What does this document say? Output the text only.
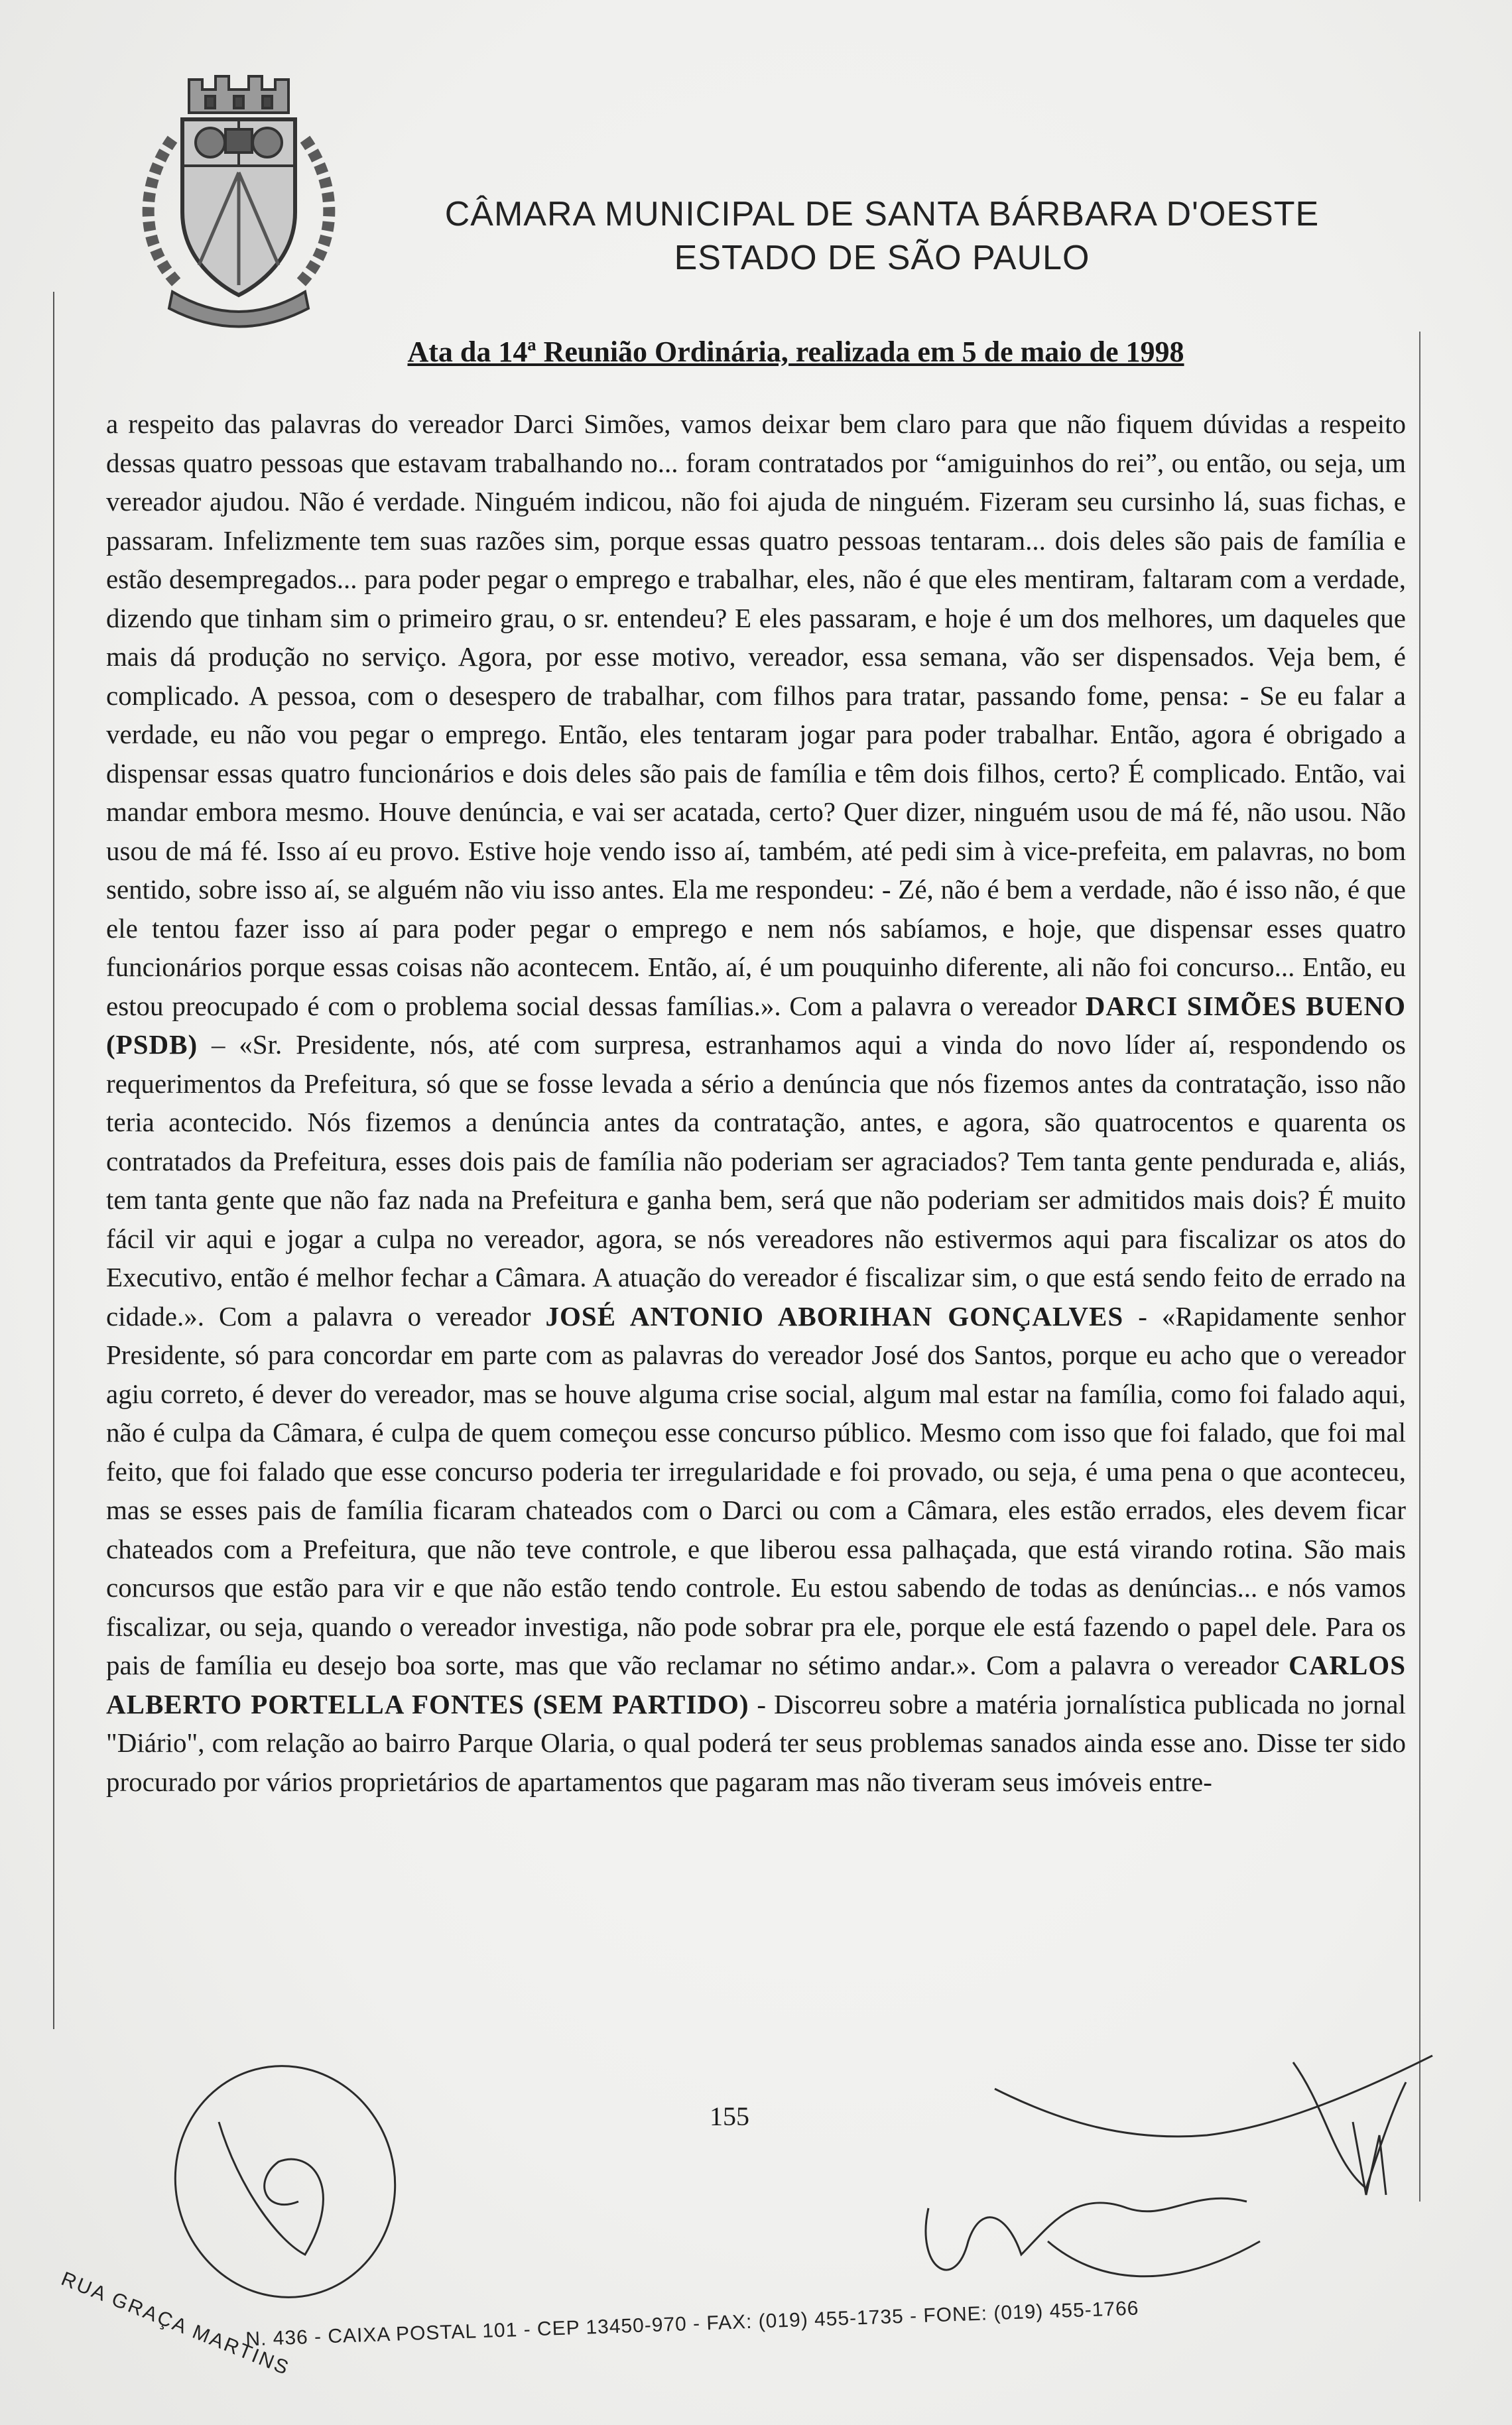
CÂMARA MUNICIPAL DE SANTA BÁRBARA D'OESTE
ESTADO DE SÃO PAULO
Ata da 14ª Reunião Ordinária, realizada em 5 de maio de 1998

a respeito das palavras do vereador Darci Simões, vamos deixar bem claro para que não fiquem dúvidas a respeito dessas quatro pessoas que estavam trabalhando no... foram contratados por “amiguinhos do rei”, ou então, ou seja, um vereador ajudou. Não é verdade. Ninguém indicou, não foi ajuda de ninguém. Fizeram seu cursinho lá, suas fichas, e passaram. Infelizmente tem suas razões sim, porque essas quatro pessoas tentaram... dois deles são pais de família e estão desempregados... para poder pegar o emprego e trabalhar, eles, não é que eles mentiram, faltaram com a verdade, dizendo que tinham sim o primeiro grau, o sr. entendeu? E eles passaram, e hoje é um dos melhores, um daqueles que mais dá produção no serviço. Agora, por esse motivo, vereador, essa semana, vão ser dispensados. Veja bem, é complicado. A pessoa, com o desespero de trabalhar, com filhos para tratar, passando fome, pensa: - Se eu falar a verdade, eu não vou pegar o emprego. Então, eles tentaram jogar para poder trabalhar. Então, agora é obrigado a dispensar essas quatro funcionários e dois deles são pais de família e têm dois filhos, certo? É complicado. Então, vai mandar embora mesmo. Houve denúncia, e vai ser acatada, certo? Quer dizer, ninguém usou de má fé, não usou. Não usou de má fé. Isso aí eu provo. Estive hoje vendo isso aí, também, até pedi sim à vice-prefeita, em palavras, no bom sentido, sobre isso aí, se alguém não viu isso antes. Ela me respondeu: - Zé, não é bem a verdade, não é isso não, é que ele tentou fazer isso aí para poder pegar o emprego e nem nós sabíamos, e hoje, que dispensar esses quatro funcionários porque essas coisas não acontecem. Então, aí, é um pouquinho diferente, ali não foi concurso... Então, eu estou preocupado é com o problema social dessas famílias.». Com a palavra o vereador DARCI SIMÕES BUENO (PSDB) – «Sr. Presidente, nós, até com surpresa, estranhamos aqui a vinda do novo líder aí, respondendo os requerimentos da Prefeitura, só que se fosse levada a sério a denúncia que nós fizemos antes da contratação, isso não teria acontecido. Nós fizemos a denúncia antes da contratação, antes, e agora, são quatrocentos e quarenta os contratados da Prefeitura, esses dois pais de família não poderiam ser agraciados? Tem tanta gente pendurada e, aliás, tem tanta gente que não faz nada na Prefeitura e ganha bem, será que não poderiam ser admitidos mais dois? É muito fácil vir aqui e jogar a culpa no vereador, agora, se nós vereadores não estivermos aqui para fiscalizar os atos do Executivo, então é melhor fechar a Câmara. A atuação do vereador é fiscalizar sim, o que está sendo feito de errado na cidade.». Com a palavra o vereador JOSÉ ANTONIO ABORIHAN GONÇALVES - «Rapidamente senhor Presidente, só para concordar em parte com as palavras do vereador José dos Santos, porque eu acho que o vereador agiu correto, é dever do vereador, mas se houve alguma crise social, algum mal estar na família, como foi falado aqui, não é culpa da Câmara, é culpa de quem começou esse concurso público. Mesmo com isso que foi falado, que foi mal feito, que foi falado que esse concurso poderia ter irregularidade e foi provado, ou seja, é uma pena o que aconteceu, mas se esses pais de família ficaram chateados com o Darci ou com a Câmara, eles estão errados, eles devem ficar chateados com a Prefeitura, que não teve controle, e que liberou essa palhaçada, que está virando rotina. São mais concursos que estão para vir e que não estão tendo controle. Eu estou sabendo de todas as denúncias... e nós vamos fiscalizar, ou seja, quando o vereador investiga, não pode sobrar pra ele, porque ele está fazendo o papel dele. Para os pais de família eu desejo boa sorte, mas que vão reclamar no sétimo andar.». Com a palavra o vereador CARLOS ALBERTO PORTELLA FONTES (SEM PARTIDO) - Discorreu sobre a matéria jornalística publicada no jornal "Diário", com relação ao bairro Parque Olaria, o qual poderá ter seus problemas sanados ainda esse ano. Disse ter sido procurado por vários proprietários de apartamentos que pagaram mas não tiveram seus imóveis entre-

155
RUA GRAÇA MARTINS
N. 436 - CAIXA POSTAL 101 - CEP 13450-970 - FAX: (019) 455-1735 - FONE: (019) 455-1766
